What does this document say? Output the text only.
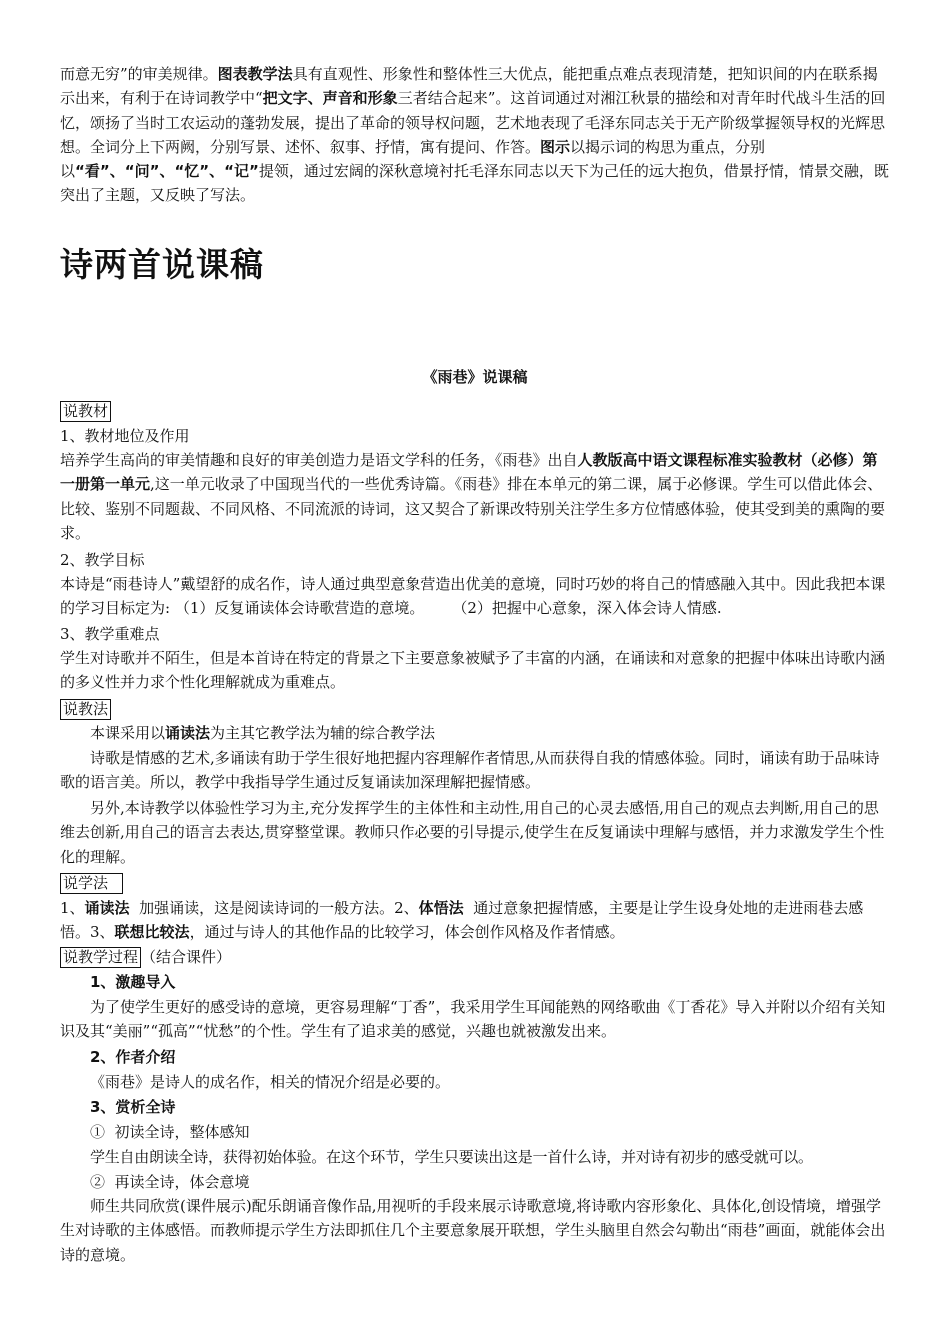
而意无穷”的审美规律。图表教学法具有直观性、形象性和整体性三大优点，能把重点难点表现清楚，把知识间的内在联系揭示出来，有利于在诗词教学中“把文字、声音和形象三者结合起来”。这首词通过对湘江秋景的描绘和对青年时代战斗生活的回忆，颂扬了当时工农运动的蓬勃发展，提出了革命的领导权问题，艺术地表现了毛泽东同志关于无产阶级掌握领导权的光辉思想。全词分上下两阙，分别写景、述怀、叙事、抒情，寓有提问、作答。图示以揭示词的构思为重点，分别以“看”、“问”、“忆”、“记”提领，通过宏阔的深秋意境衬托毛泽东同志以天下为己任的远大抱负，借景抒情，情景交融，既突出了主题，又反映了写法。
诗两首说课稿
《雨巷》说课稿
说教材
1、教材地位及作用
培养学生高尚的审美情趣和良好的审美创造力是语文学科的任务，《雨巷》出自人教版高中语文课程标准实验教材（必修）第一册第一单元,这一单元收录了中国现当代的一些优秀诗篇。《雨巷》排在本单元的第二课，属于必修课。学生可以借此体会、比较、鉴别不同题裁、不同风格、不同流派的诗词，这又契合了新课改特别关注学生多方位情感体验，使其受到美的熏陶的要求。
2、教学目标
本诗是“雨巷诗人”戴望舒的成名作，诗人通过典型意象营造出优美的意境，同时巧妙的将自己的情感融入其中。因此我把本课的学习目标定为: （1）反复诵读体会诗歌营造的意境。 （2）把握中心意象，深入体会诗人情感.
3、教学重难点
学生对诗歌并不陌生，但是本首诗在特定的背景之下主要意象被赋予了丰富的内涵，在诵读和对意象的把握中体味出诗歌内涵的多义性并力求个性化理解就成为重难点。
说教法
本课采用以诵读法为主其它教学法为辅的综合教学法
诗歌是情感的艺术,多诵读有助于学生很好地把握内容理解作者情思,从而获得自我的情感体验。同时，诵读有助于品味诗歌的语言美。所以，教学中我指导学生通过反复诵读加深理解把握情感。
另外,本诗教学以体验性学习为主,充分发挥学生的主体性和主动性,用自己的心灵去感悟,用自己的观点去判断,用自己的思维去创新,用自己的语言去表达,贯穿整堂课。教师只作必要的引导提示,使学生在反复诵读中理解与感悟，并力求激发学生个性化的理解。
说学法
1、诵读法  加强诵读，这是阅读诗词的一般方法。2、体悟法  通过意象把握情感，主要是让学生设身处地的走进雨巷去感悟。3、联想比较法，通过与诗人的其他作品的比较学习，体会创作风格及作者情感。
说教学过程 （结合课件）
1、激趣导入
为了使学生更好的感受诗的意境，更容易理解“丁香”，我采用学生耳闻能熟的网络歌曲《丁香花》导入并附以介绍有关知识及其“美丽”“孤高”“忧愁”的个性。学生有了追求美的感觉，兴趣也就被激发出来。
2、作者介绍
《雨巷》是诗人的成名作，相关的情况介绍是必要的。
3、赏析全诗
①  初读全诗，整体感知
学生自由朗读全诗，获得初始体验。在这个环节，学生只要读出这是一首什么诗，并对诗有初步的感受就可以。
②  再读全诗，体会意境
师生共同欣赏(课件展示)配乐朗诵音像作品,用视听的手段来展示诗歌意境,将诗歌内容形象化、具体化,创设情境，增强学生对诗歌的主体感悟。而教师提示学生方法即抓住几个主要意象展开联想，学生头脑里自然会勾勒出“雨巷”画面，就能体会出诗的意境。
